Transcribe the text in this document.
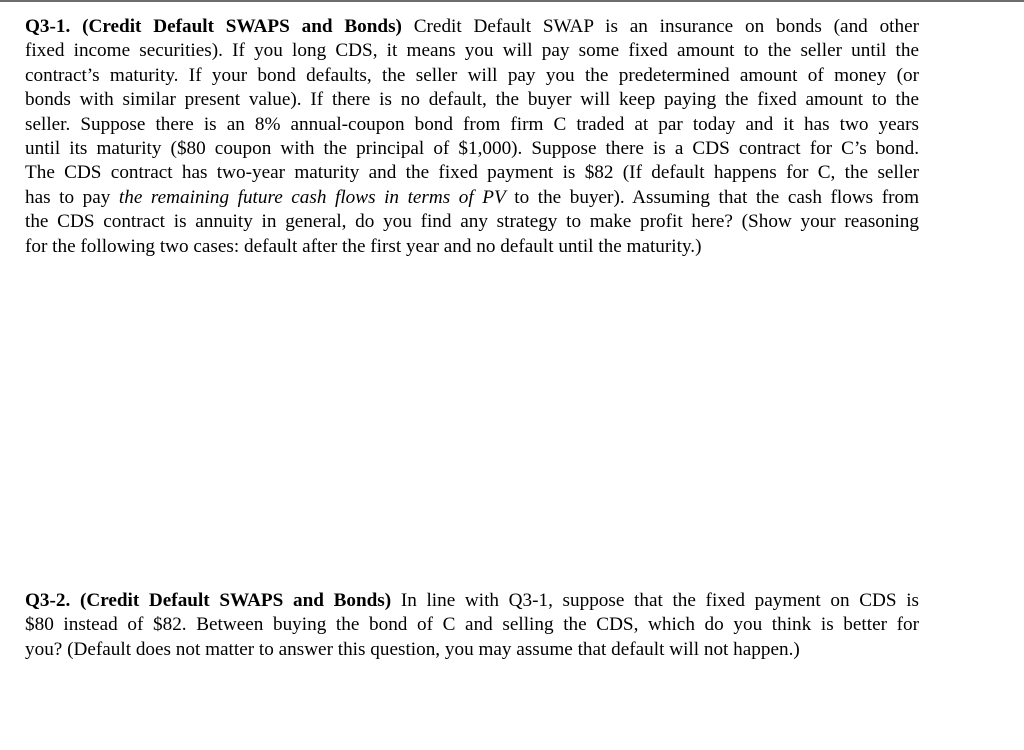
Q3-1. (Credit Default SWAPS and Bonds) Credit Default SWAP is an insurance on bonds (and other
fixed income securities). If you long CDS, it means you will pay some fixed amount to the seller until the
contract’s maturity. If your bond defaults, the seller will pay you the predetermined amount of money (or
bonds with similar present value). If there is no default, the buyer will keep paying the fixed amount to the
seller. Suppose there is an 8% annual-coupon bond from firm C traded at par today and it has two years
until its maturity ($80 coupon with the principal of $1,000). Suppose there is a CDS contract for C’s bond.
The CDS contract has two-year maturity and the fixed payment is $82 (If default happens for C, the seller
has to pay the remaining future cash flows in terms of PV to the buyer). Assuming that the cash flows from
the CDS contract is annuity in general, do you find any strategy to make profit here? (Show your reasoning
for the following two cases: default after the first year and no default until the maturity.)
Q3-2. (Credit Default SWAPS and Bonds) In line with Q3-1, suppose that the fixed payment on CDS is
$80 instead of $82. Between buying the bond of C and selling the CDS, which do you think is better for
you? (Default does not matter to answer this question, you may assume that default will not happen.)
